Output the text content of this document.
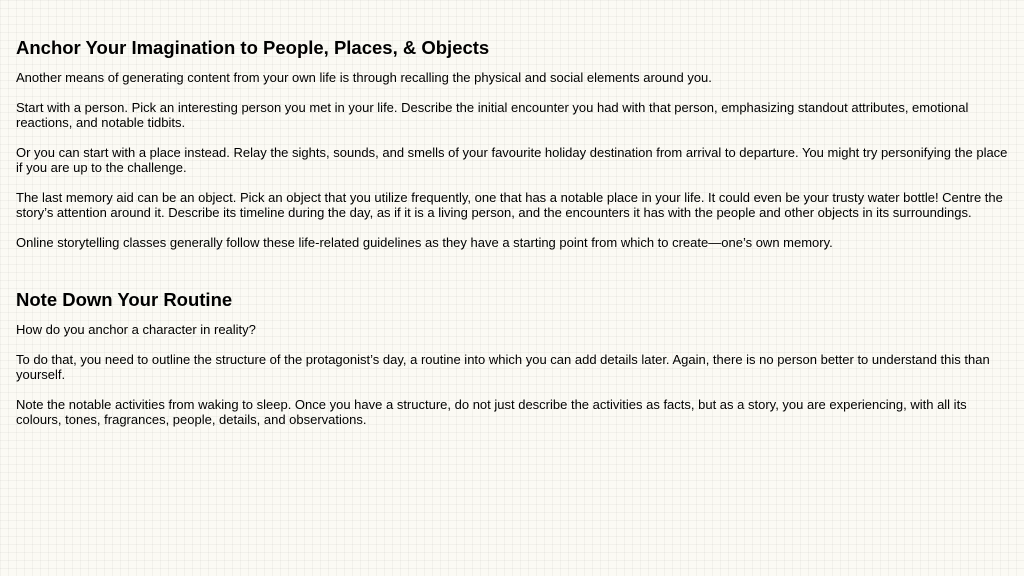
Anchor Your Imagination to People, Places, & Objects

Another means of generating content from your own life is through recalling the physical and social elements around you.

Start with a person. Pick an interesting person you met in your life. Describe the initial encounter you had with that person, emphasizing standout attributes, emotional reactions, and notable tidbits.

Or you can start with a place instead. Relay the sights, sounds, and smells of your favourite holiday destination from arrival to departure. You might try personifying the place if you are up to the challenge.

The last memory aid can be an object. Pick an object that you utilize frequently, one that has a notable place in your life. It could even be your trusty water bottle! Centre the story’s attention around it. Describe its timeline during the day, as if it is a living person, and the encounters it has with the people and other objects in its surroundings.

Online storytelling classes generally follow these life-related guidelines as they have a starting point from which to create—one’s own memory.

Note Down Your Routine

How do you anchor a character in reality?

To do that, you need to outline the structure of the protagonist’s day, a routine into which you can add details later. Again, there is no person better to understand this than yourself.

Note the notable activities from waking to sleep. Once you have a structure, do not just describe the activities as facts, but as a story, you are experiencing, with all its colours, tones, fragrances, people, details, and observations.
